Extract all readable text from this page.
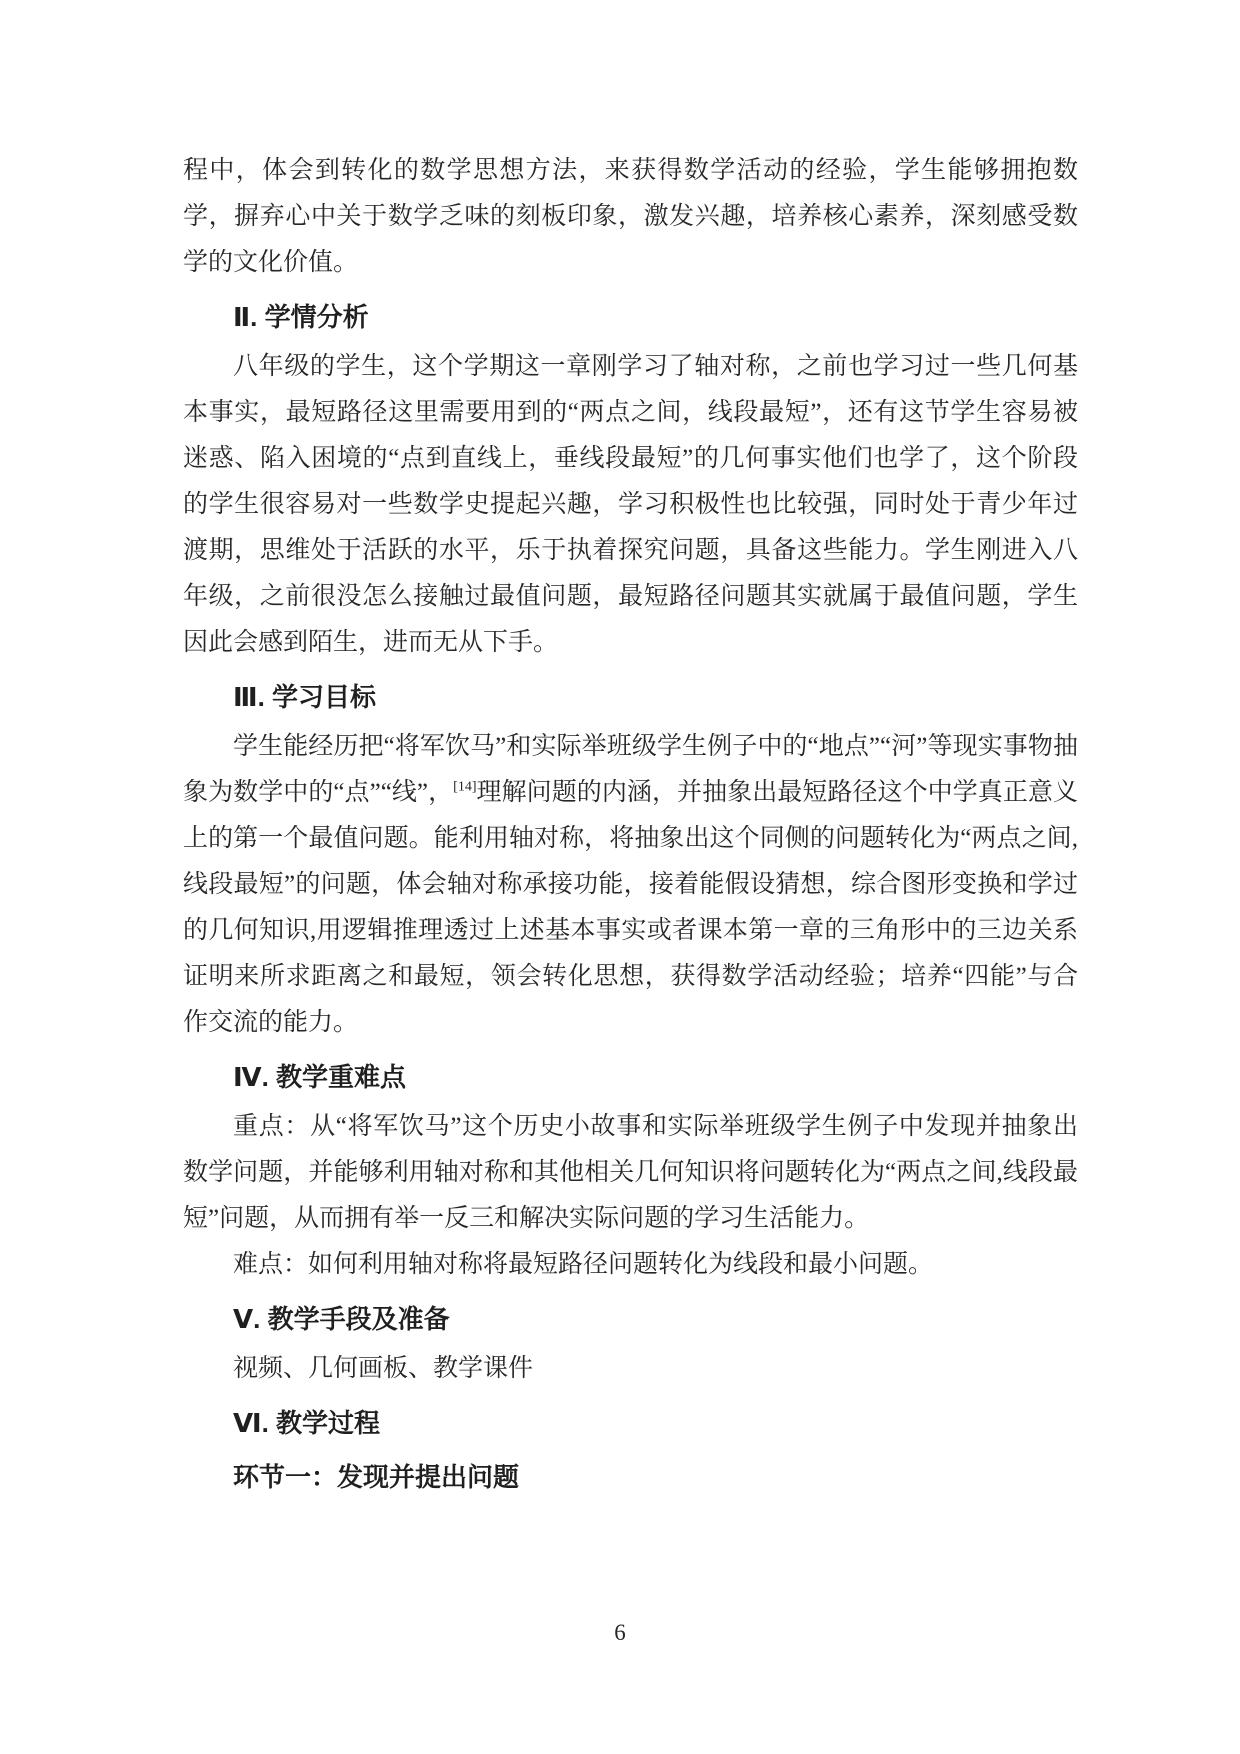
程中，体会到转化的数学思想方法，来获得数学活动的经验，学生能够拥抱数学，摒弃心中关于数学乏味的刻板印象，激发兴趣，培养核心素养，深刻感受数学的文化价值。

Ⅱ. 学情分析

八年级的学生，这个学期这一章刚学习了轴对称，之前也学习过一些几何基本事实，最短路径这里需要用到的“两点之间，线段最短”，还有这节学生容易被迷惑、陷入困境的“点到直线上，垂线段最短”的几何事实他们也学了，这个阶段的学生很容易对一些数学史提起兴趣，学习积极性也比较强，同时处于青少年过渡期，思维处于活跃的水平，乐于执着探究问题，具备这些能力。学生刚进入八年级，之前很没怎么接触过最值问题，最短路径问题其实就属于最值问题，学生因此会感到陌生，进而无从下手。

Ⅲ. 学习目标

学生能经历把“将军饮马”和实际举班级学生例子中的“地点”“河”等现实事物抽象为数学中的“点”“线”，[14]理解问题的内涵，并抽象出最短路径这个中学真正意义上的第一个最值问题。能利用轴对称，将抽象出这个同侧的问题转化为“两点之间,线段最短”的问题，体会轴对称承接功能，接着能假设猜想，综合图形变换和学过的几何知识,用逻辑推理透过上述基本事实或者课本第一章的三角形中的三边关系证明来所求距离之和最短，领会转化思想，获得数学活动经验；培养“四能”与合作交流的能力。

Ⅳ. 教学重难点

重点：从“将军饮马”这个历史小故事和实际举班级学生例子中发现并抽象出数学问题，并能够利用轴对称和其他相关几何知识将问题转化为“两点之间,线段最短”问题，从而拥有举一反三和解决实际问题的学习生活能力。

难点：如何利用轴对称将最短路径问题转化为线段和最小问题。

Ⅴ. 教学手段及准备

视频、几何画板、教学课件

Ⅵ. 教学过程
环节一：发现并提出问题
6
